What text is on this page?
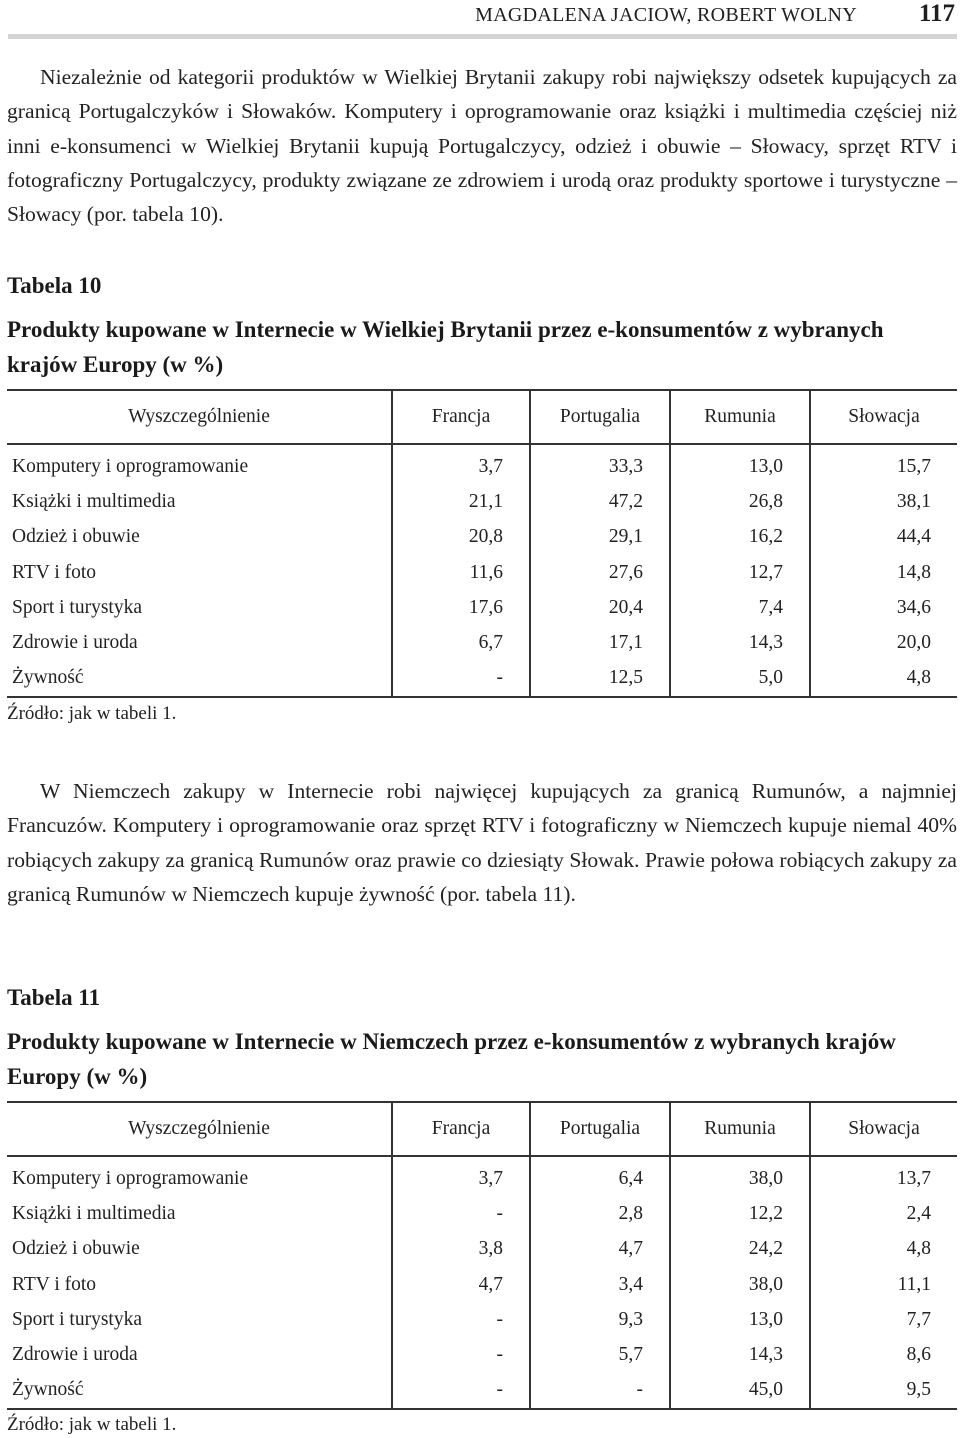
MAGDALENA JACIOW, ROBERT WOLNY 117
Niezależnie od kategorii produktów w Wielkiej Brytanii zakupy robi największy odsetek kupujących za granicą Portugalczyków i Słowaków. Komputery i oprogramowanie oraz książki i multimedia częściej niż inni e-konsumenci w Wielkiej Brytanii kupują Portugalczycy, odzież i obuwie – Słowacy, sprzęt RTV i fotograficzny Portugalczycy, produkty związane ze zdrowiem i urodą oraz produkty sportowe i turystyczne – Słowacy (por. tabela 10).
Tabela 10
Produkty kupowane w Internecie w Wielkiej Brytanii przez e-konsumentów z wybranych krajów Europy (w %)
Wyszczególnienie	Francja	Portugalia	Rumunia	Słowacja
Komputery i oprogramowanie	3,7	33,3	13,0	15,7
Książki i multimedia	21,1	47,2	26,8	38,1
Odzież i obuwie	20,8	29,1	16,2	44,4
RTV i foto	11,6	27,6	12,7	14,8
Sport i turystyka	17,6	20,4	7,4	34,6
Zdrowie i uroda	6,7	17,1	14,3	20,0
Żywność	-	12,5	5,0	4,8
Źródło: jak w tabeli 1.
W Niemczech zakupy w Internecie robi najwięcej kupujących za granicą Rumunów, a najmniej Francuzów. Komputery i oprogramowanie oraz sprzęt RTV i fotograficzny w Niemczech kupuje niemal 40% robiących zakupy za granicą Rumunów oraz prawie co dziesiąty Słowak. Prawie połowa robiących zakupy za granicą Rumunów w Niemczech kupuje żywność (por. tabela 11).
Tabela 11
Produkty kupowane w Internecie w Niemczech przez e-konsumentów z wybranych krajów Europy (w %)
Wyszczególnienie	Francja	Portugalia	Rumunia	Słowacja
Komputery i oprogramowanie	3,7	6,4	38,0	13,7
Książki i multimedia	-	2,8	12,2	2,4
Odzież i obuwie	3,8	4,7	24,2	4,8
RTV i foto	4,7	3,4	38,0	11,1
Sport i turystyka	-	9,3	13,0	7,7
Zdrowie i uroda	-	5,7	14,3	8,6
Żywność	-	-	45,0	9,5
Źródło: jak w tabeli 1.
